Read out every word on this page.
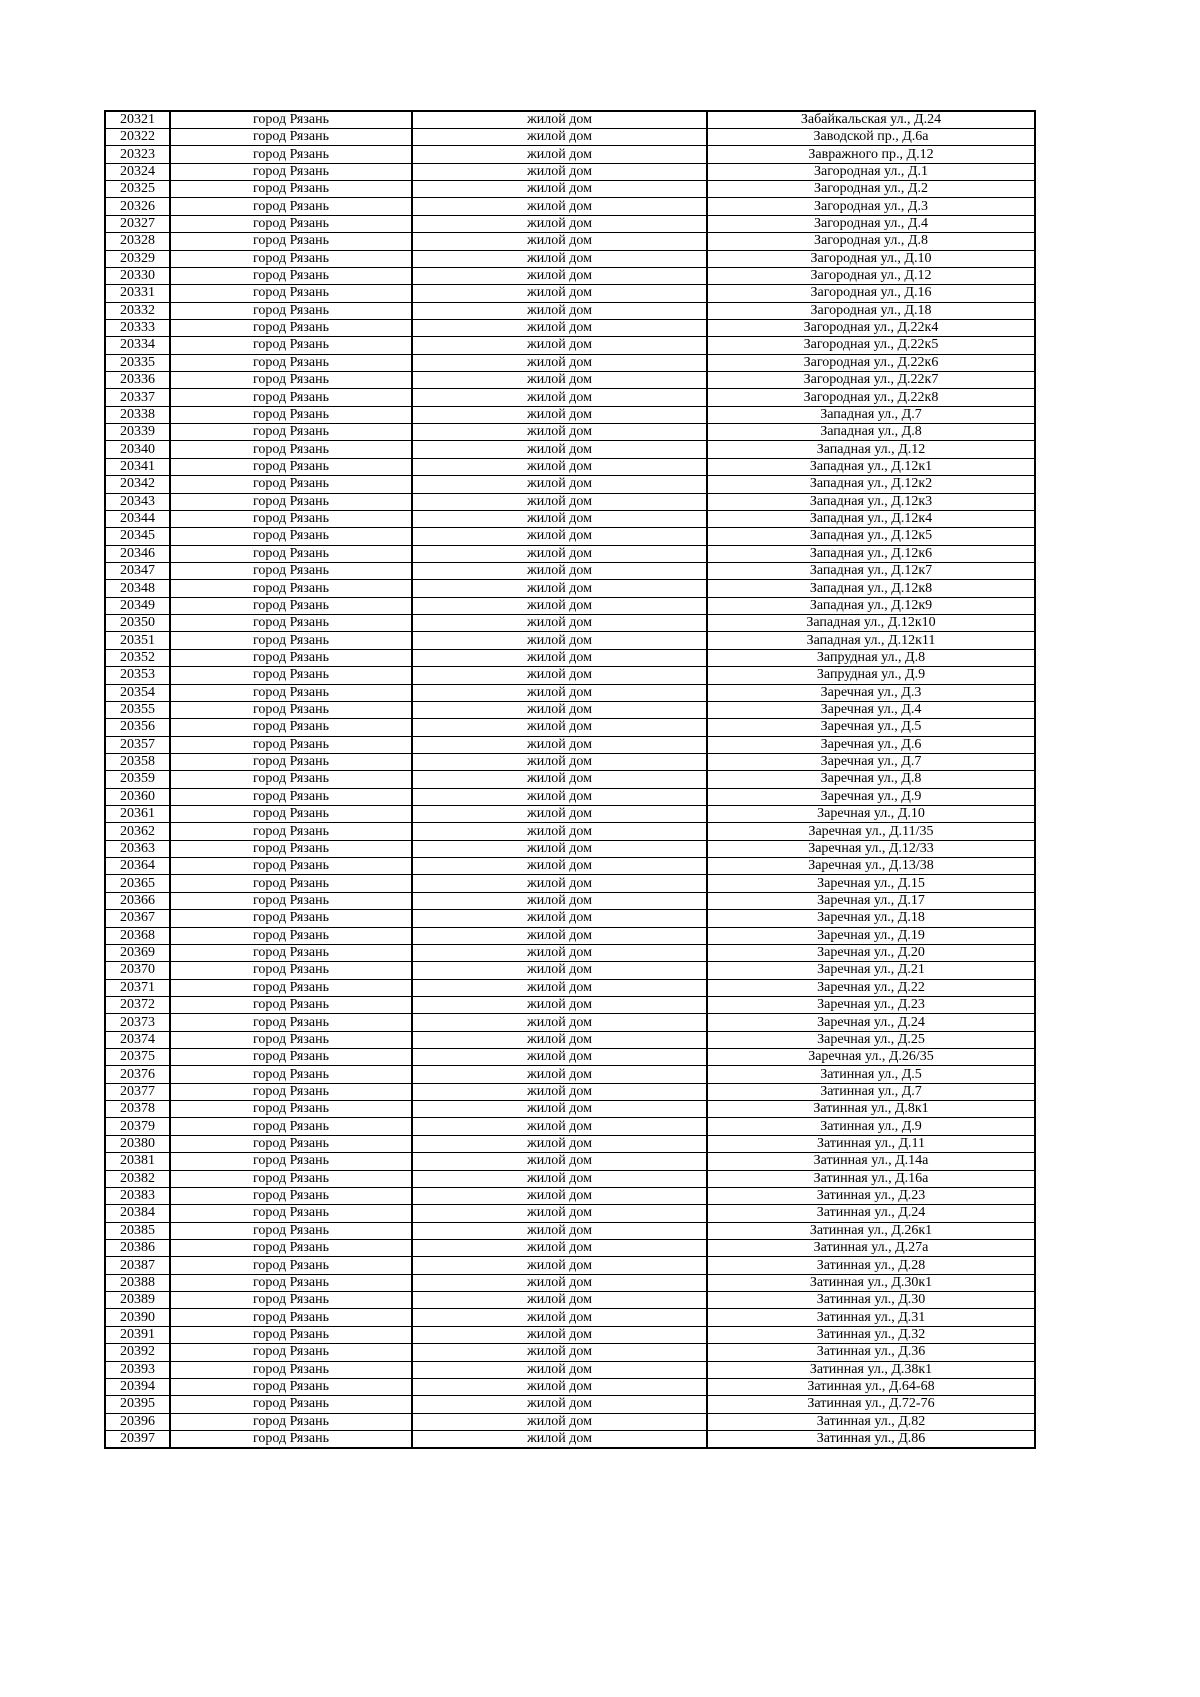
20321	город Рязань	жилой дом	Забайкальская ул., Д.24
20322	город Рязань	жилой дом	Заводской пр., Д.6а
20323	город Рязань	жилой дом	Завражного пр., Д.12
20324	город Рязань	жилой дом	Загородная ул., Д.1
20325	город Рязань	жилой дом	Загородная ул., Д.2
20326	город Рязань	жилой дом	Загородная ул., Д.3
20327	город Рязань	жилой дом	Загородная ул., Д.4
20328	город Рязань	жилой дом	Загородная ул., Д.8
20329	город Рязань	жилой дом	Загородная ул., Д.10
20330	город Рязань	жилой дом	Загородная ул., Д.12
20331	город Рязань	жилой дом	Загородная ул., Д.16
20332	город Рязань	жилой дом	Загородная ул., Д.18
20333	город Рязань	жилой дом	Загородная ул., Д.22к4
20334	город Рязань	жилой дом	Загородная ул., Д.22к5
20335	город Рязань	жилой дом	Загородная ул., Д.22к6
20336	город Рязань	жилой дом	Загородная ул., Д.22к7
20337	город Рязань	жилой дом	Загородная ул., Д.22к8
20338	город Рязань	жилой дом	Западная ул., Д.7
20339	город Рязань	жилой дом	Западная ул., Д.8
20340	город Рязань	жилой дом	Западная ул., Д.12
20341	город Рязань	жилой дом	Западная ул., Д.12к1
20342	город Рязань	жилой дом	Западная ул., Д.12к2
20343	город Рязань	жилой дом	Западная ул., Д.12к3
20344	город Рязань	жилой дом	Западная ул., Д.12к4
20345	город Рязань	жилой дом	Западная ул., Д.12к5
20346	город Рязань	жилой дом	Западная ул., Д.12к6
20347	город Рязань	жилой дом	Западная ул., Д.12к7
20348	город Рязань	жилой дом	Западная ул., Д.12к8
20349	город Рязань	жилой дом	Западная ул., Д.12к9
20350	город Рязань	жилой дом	Западная ул., Д.12к10
20351	город Рязань	жилой дом	Западная ул., Д.12к11
20352	город Рязань	жилой дом	Запрудная ул., Д.8
20353	город Рязань	жилой дом	Запрудная ул., Д.9
20354	город Рязань	жилой дом	Заречная ул., Д.3
20355	город Рязань	жилой дом	Заречная ул., Д.4
20356	город Рязань	жилой дом	Заречная ул., Д.5
20357	город Рязань	жилой дом	Заречная ул., Д.6
20358	город Рязань	жилой дом	Заречная ул., Д.7
20359	город Рязань	жилой дом	Заречная ул., Д.8
20360	город Рязань	жилой дом	Заречная ул., Д.9
20361	город Рязань	жилой дом	Заречная ул., Д.10
20362	город Рязань	жилой дом	Заречная ул., Д.11/35
20363	город Рязань	жилой дом	Заречная ул., Д.12/33
20364	город Рязань	жилой дом	Заречная ул., Д.13/38
20365	город Рязань	жилой дом	Заречная ул., Д.15
20366	город Рязань	жилой дом	Заречная ул., Д.17
20367	город Рязань	жилой дом	Заречная ул., Д.18
20368	город Рязань	жилой дом	Заречная ул., Д.19
20369	город Рязань	жилой дом	Заречная ул., Д.20
20370	город Рязань	жилой дом	Заречная ул., Д.21
20371	город Рязань	жилой дом	Заречная ул., Д.22
20372	город Рязань	жилой дом	Заречная ул., Д.23
20373	город Рязань	жилой дом	Заречная ул., Д.24
20374	город Рязань	жилой дом	Заречная ул., Д.25
20375	город Рязань	жилой дом	Заречная ул., Д.26/35
20376	город Рязань	жилой дом	Затинная ул., Д.5
20377	город Рязань	жилой дом	Затинная ул., Д.7
20378	город Рязань	жилой дом	Затинная ул., Д.8к1
20379	город Рязань	жилой дом	Затинная ул., Д.9
20380	город Рязань	жилой дом	Затинная ул., Д.11
20381	город Рязань	жилой дом	Затинная ул., Д.14а
20382	город Рязань	жилой дом	Затинная ул., Д.16а
20383	город Рязань	жилой дом	Затинная ул., Д.23
20384	город Рязань	жилой дом	Затинная ул., Д.24
20385	город Рязань	жилой дом	Затинная ул., Д.26к1
20386	город Рязань	жилой дом	Затинная ул., Д.27а
20387	город Рязань	жилой дом	Затинная ул., Д.28
20388	город Рязань	жилой дом	Затинная ул., Д.30к1
20389	город Рязань	жилой дом	Затинная ул., Д.30
20390	город Рязань	жилой дом	Затинная ул., Д.31
20391	город Рязань	жилой дом	Затинная ул., Д.32
20392	город Рязань	жилой дом	Затинная ул., Д.36
20393	город Рязань	жилой дом	Затинная ул., Д.38к1
20394	город Рязань	жилой дом	Затинная ул., Д.64-68
20395	город Рязань	жилой дом	Затинная ул., Д.72-76
20396	город Рязань	жилой дом	Затинная ул., Д.82
20397	город Рязань	жилой дом	Затинная ул., Д.86
